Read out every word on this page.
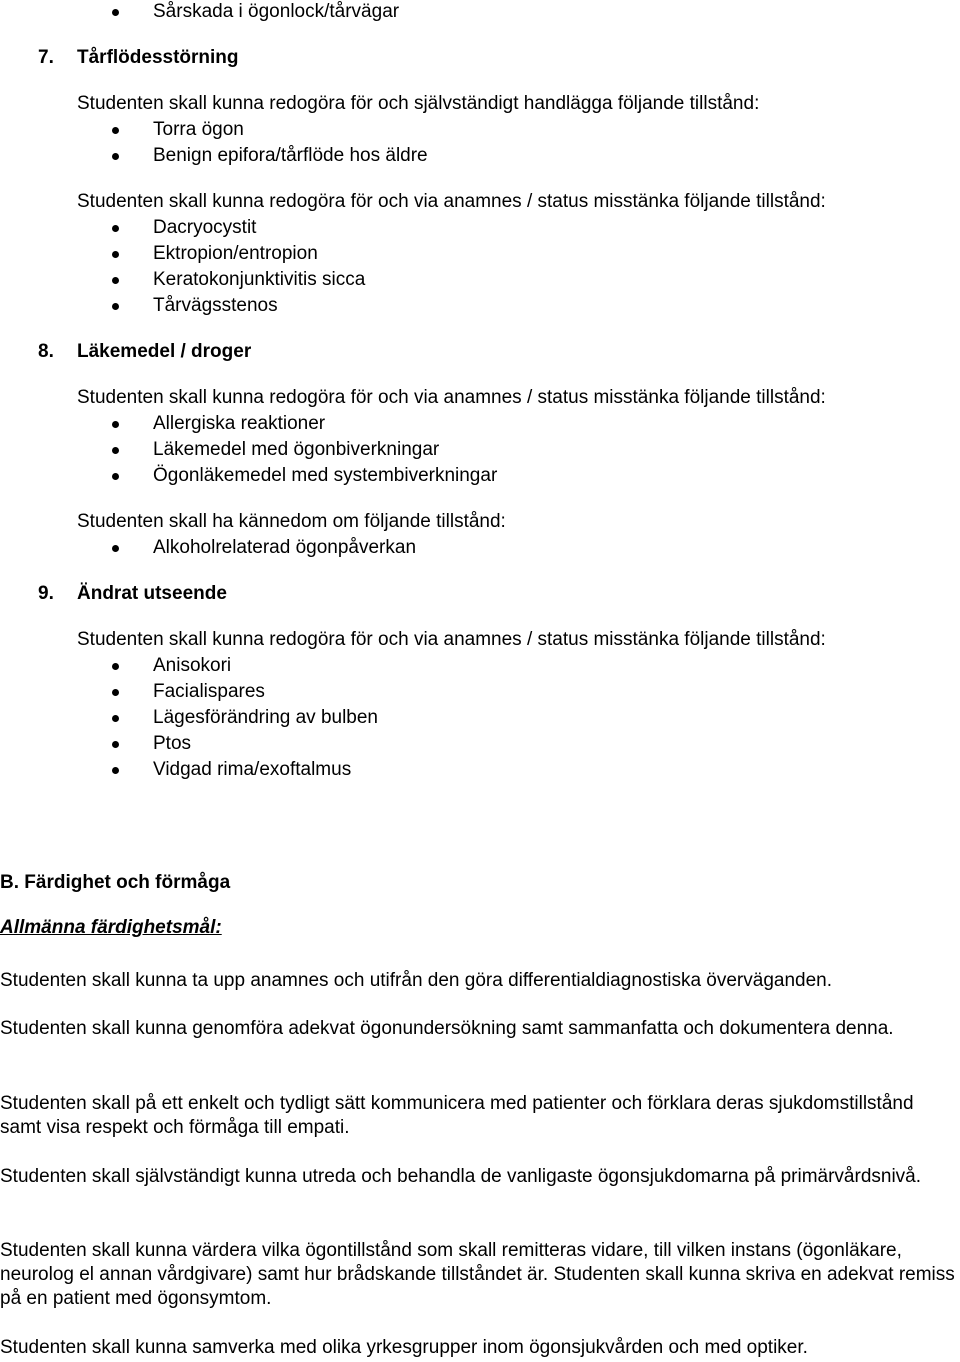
Sårskada i ögonlock/tårvägar
7. Tårflödesstörning
Studenten skall kunna redogöra för och självständigt handlägga följande tillstånd:
Torra ögon
Benign epifora/tårflöde hos äldre
Studenten skall kunna redogöra för och via anamnes / status misstänka följande tillstånd:
Dacryocystit
Ektropion/entropion
Keratokonjunktivitis sicca
Tårvägsstenos
8. Läkemedel / droger
Studenten skall kunna redogöra för och via anamnes / status misstänka följande tillstånd:
Allergiska reaktioner
Läkemedel med ögonbiverkningar
Ögonläkemedel med systembiverkningar
Studenten skall ha kännedom om följande tillstånd:
Alkoholrelaterad ögonpåverkan
9. Ändrat utseende
Studenten skall kunna redogöra för och via anamnes / status misstänka följande tillstånd:
Anisokori
Facialispares
Lägesförändring av bulben
Ptos
Vidgad rima/exoftalmus
B. Färdighet och förmåga
Allmänna färdighetsmål:
Studenten skall kunna ta upp anamnes och utifrån den göra differentialdiagnostiska överväganden.
Studenten skall kunna genomföra adekvat ögonundersökning samt sammanfatta och dokumentera denna.
Studenten skall på ett enkelt och tydligt sätt kommunicera med patienter och förklara deras sjukdomstillstånd samt visa respekt och förmåga till empati.
Studenten skall självständigt kunna utreda och behandla de vanligaste ögonsjukdomarna på primärvårdsnivå.
Studenten skall kunna värdera vilka ögontillstånd som skall remitteras vidare, till vilken instans (ögonläkare, neurolog el annan vårdgivare) samt hur brådskande tillståndet är. Studenten skall kunna skriva en adekvat remiss på en patient med ögonsymtom.
Studenten skall kunna samverka med olika yrkesgrupper inom ögonsjukvården och med optiker.
